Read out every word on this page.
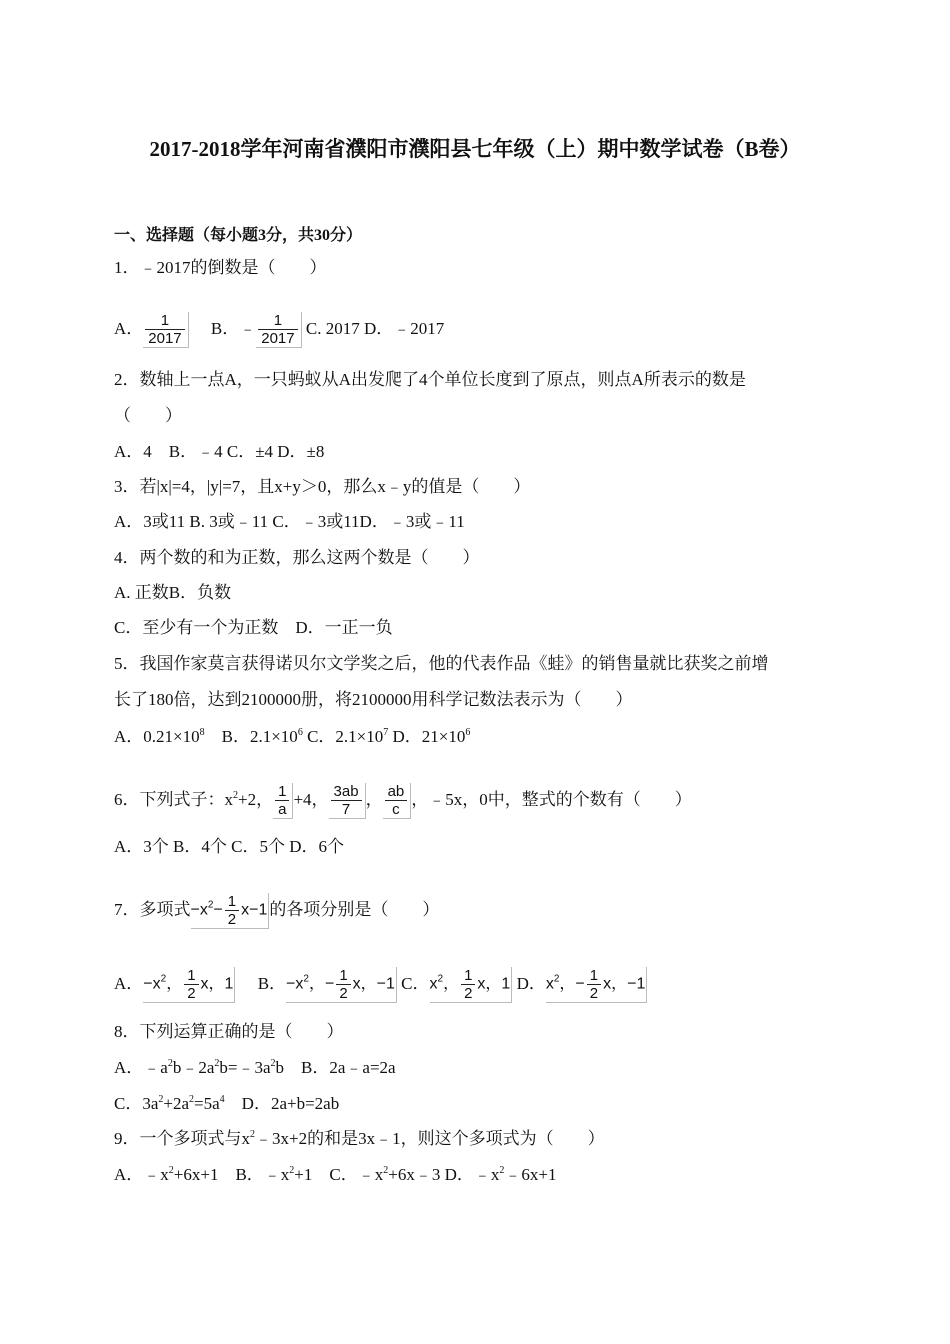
2017-2018学年河南省濮阳市濮阳县七年级（上）期中数学试卷（B卷）
一、选择题（每小题3分，共30分）
1．﹣2017的倒数是（　　）
A． $\frac{1}{2017}$ B．﹣ $\frac{1}{2017} C$. 2017 D．﹣2017
2．数轴上一点A，一只蚂蚁从A出发爬了4个单位长度到了原点，则点A所表示的数是
（　　）
A．4　B．﹣4 C．±4 D．±8
3．若|x|=4，|y|=7，且x+y＞0，那么x﹣y的值是（　　）
A．3或11 B. 3或﹣11 C．﹣3或11D．﹣3或﹣11
4．两个数的和为正数，那么这两个数是（　　）
A. 正数B．负数
C．至少有一个为正数　D．一正一负
5．我国作家莫言获得诺贝尔文学奖之后，他的代表作品《蛙》的销售量就比获奖之前增
长了180倍，达到2100000册，将2100000用科学记数法表示为（　　）
A．$0.21\times 10^8$　B．$2.1\times 10^6$ C．$2.1\times 10^7$ D．$21\times 10^6$
6．下列式子：$x^2+2$， $\frac{1}{a} +4$， $\frac{3ab}{7}$ ， $\frac{ab}{c}$ ，﹣5x，0中，整式的个数有（　　）
A．3个 B．4个 C．5个 D．6个
7．多项式$-x^2- \frac{1}{2} x-1$ 的各项分别是（　　）
A．$-x^2$， $\frac{1}{2}$ x，1 B．$-x^2$，− $\frac{1}{2}$ x，−1 C．$x^2$， $\frac{1}{2}$ x，1 D．$x^2$，− $\frac{1}{2}$ x，−1
8．下列运算正确的是（　　）
A．$﹣a^2b﹣2a^2b=﹣3a^2b$　B．2a﹣a=2a
C．$3a^2+2a^2=5a^4$　D．2a+b=2ab
9．一个多项式与$x^2﹣3x+2$的和是3x﹣1，则这个多项式为（　　）
A．$﹣x^2+6x+1$　B．$﹣x^2+1$　C．$﹣x^2+6x﹣3$ D．$﹣x^2﹣6x+1$
